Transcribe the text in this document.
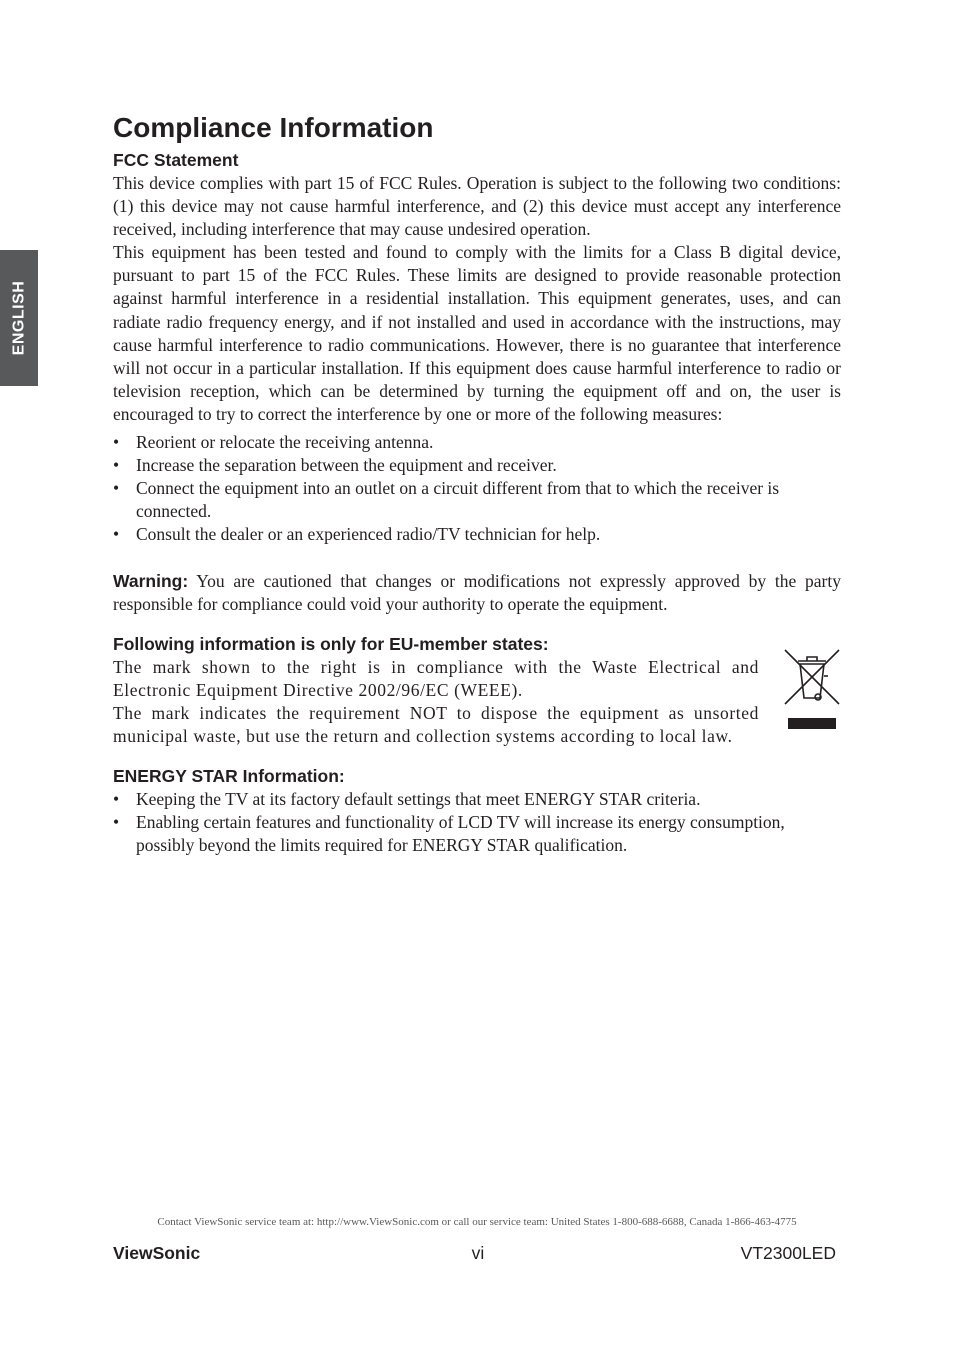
ENGLISH
Compliance Information
FCC Statement

This device complies with part 15 of FCC Rules. Operation is subject to the following two conditions: (1) this device may not cause harmful interference, and (2) this device must accept any interference received, including interference that may cause undesired operation.

This equipment has been tested and found to comply with the limits for a Class B digital device, pursuant to part 15 of the FCC Rules. These limits are designed to provide reasonable protection against harmful interference in a residential installation. This equipment generates, uses, and can radiate radio frequency energy, and if not installed and used in accordance with the instructions, may cause harmful interference to radio communications. However, there is no guarantee that interference will not occur in a particular installation. If this equipment does cause harmful interference to radio or television reception, which can be determined by turning the equipment off and on, the user is encouraged to try to correct the interference by one or more of the following measures:

• Reorient or relocate the receiving antenna.
• Increase the separation between the equipment and receiver.
• Connect the equipment into an outlet on a circuit different from that to which the receiver is connected.
• Consult the dealer or an experienced radio/TV technician for help.

Warning: You are cautioned that changes or modifications not expressly approved by the party responsible for compliance could void your authority to operate the equipment.

Following information is only for EU-member states:

The mark shown to the right is in compliance with the Waste Electrical and Electronic Equipment Directive 2002/96/EC (WEEE).

The mark indicates the requirement NOT to dispose the equipment as unsorted municipal waste, but use the return and collection systems according to local law.

ENERGY STAR Information:
• Keeping the TV at its factory default settings that meet ENERGY STAR criteria.
• Enabling certain features and functionality of LCD TV will increase its energy consumption, possibly beyond the limits required for ENERGY STAR qualification.
Contact ViewSonic service team at: http://www.ViewSonic.com or call our service team: United States 1-800-688-6688, Canada 1-866-463-4775
ViewSonic	vi	VT2300LED
